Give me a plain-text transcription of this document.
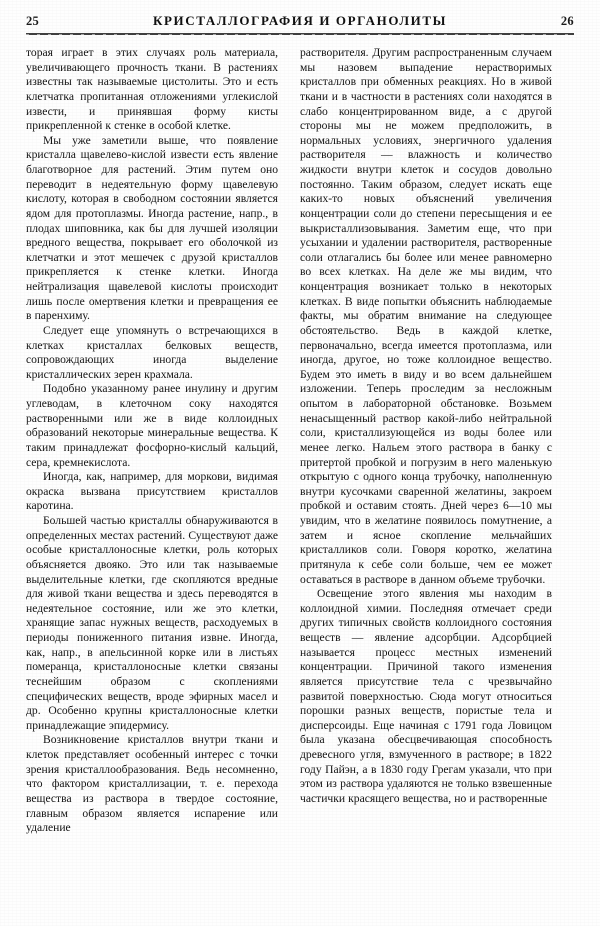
25	КРИСТАЛЛОГРАФИЯ И ОРГАНОЛИТЫ	26

торая играет в этих случаях роль материала, увеличивающего прочность ткани. В растениях известны так называемые цистолиты. Это и есть клетчатка пропитанная отложениями углекислой извести, и принявшая форму кисты прикрепленной к стенке в особой клетке.

Мы уже заметили выше, что появление кристалла щавелево-кислой извести есть явление благотворное для растений. Этим путем оно переводит в недеятельную форму щавелевую кислоту, которая в свободном состоянии является ядом для протоплазмы. Иногда растение, напр., в плодах шиповника, как бы для лучшей изоляции вредного вещества, покрывает его оболочкой из клетчатки и этот мешечек с друзой кристаллов прикрепляется к стенке клетки. Иногда нейтрализация щавелевой кислоты происходит лишь после омертвения клетки и превращения ее в паренхиму.

Следует еще упомянуть о встречающихся в клетках кристаллах белковых веществ, сопровождающих иногда выделение кристаллических зерен крахмала.

Подобно указанному ранее инулину и другим углеводам, в клеточном соку находятся растворенными или же в виде коллоидных образований некоторые минеральные вещества. К таким принадлежат фосфорно-кислый кальций, сера, кремнекислота.

Иногда, как, например, для моркови, видимая окраска вызвана присутствием кристаллов каротина.

Большей частью кристаллы обнаруживаются в определенных местах растений. Существуют даже особые кристаллоносные клетки, роль которых объясняется двояко. Это или так называемые выделительные клетки, где скопляются вредные для живой ткани вещества и здесь переводятся в недеятельное состояние, или же это клетки, хранящие запас нужных веществ, расходуемых в периоды пониженного питания извне. Иногда, как, напр., в апельсинной корке или в листьях померанца, кристаллоносные клетки связаны теснейшим образом с скоплениями специфических веществ, вроде эфирных масел и др. Особенно крупны кристаллоносные клетки принадлежащие эпидермису.

Возникновение кристаллов внутри ткани и клеток представляет особенный интерес с точки зрения кристаллообразования. Ведь несомненно, что фактором кристаллизации, т. е. перехода вещества из раствора в твердое состояние, главным образом является испарение или удаление

растворителя. Другим распространенным случаем мы назовем выпадение нерастворимых кристаллов при обменных реакциях. Но в живой ткани и в частности в растениях соли находятся в слабо концентрированном виде, а с другой стороны мы не можем предположить, в нормальных условиях, энергичного удаления растворителя — влажность и количество жидкости внутри клеток и сосудов довольно постоянно. Таким образом, следует искать еще каких-то новых объяснений увеличения концентрации соли до степени пересыщения и ее выкристаллизовывания. Заметим еще, что при усыхании и удалении растворителя, растворенные соли отлагались бы более или менее равномерно во всех клетках. На деле же мы видим, что концентрация возникает только в некоторых клетках. В виде попытки объяснить наблюдаемые факты, мы обратим внимание на следующее обстоятельство. Ведь в каждой клетке, первоначально, всегда имеется протоплазма, или иногда, другое, но тоже коллоидное вещество. Будем это иметь в виду и во всем дальнейшем изложении. Теперь проследим за несложным опытом в лабораторной обстановке. Возьмем ненасыщенный раствор какой-либо нейтральной соли, кристаллизующейся из воды более или менее легко. Нальем этого раствора в банку с притертой пробкой и погрузим в него маленькую открытую с одного конца трубочку, наполненную внутри кусочками сваренной желатины, закроем пробкой и оставим стоять. Дней через 6—10 мы увидим, что в желатине появилось помутнение, а затем и ясное скопление мельчайших кристалликов соли. Говоря коротко, желатина притянула к себе соли больше, чем ее может оставаться в растворе в данном объеме трубочки.

Освещение этого явления мы находим в коллоидной химии. Последняя отмечает среди других типичных свойств коллоидного состояния веществ — явление адсорбции. Адсорбцией называется процесс местных изменений концентрации. Причиной такого изменения является присутствие тела с чрезвычайно развитой поверхностью. Сюда могут относиться порошки разных веществ, пористые тела и дисперсоиды. Еще начиная с 1791 года Ловицом была указана обесцвечивающая способность древесного угля, взмученного в растворе; в 1822 году Пайэн, а в 1830 году Грегам указали, что при этом из раствора удаляются не только взвешенные частички красящего вещества, но и растворенные
